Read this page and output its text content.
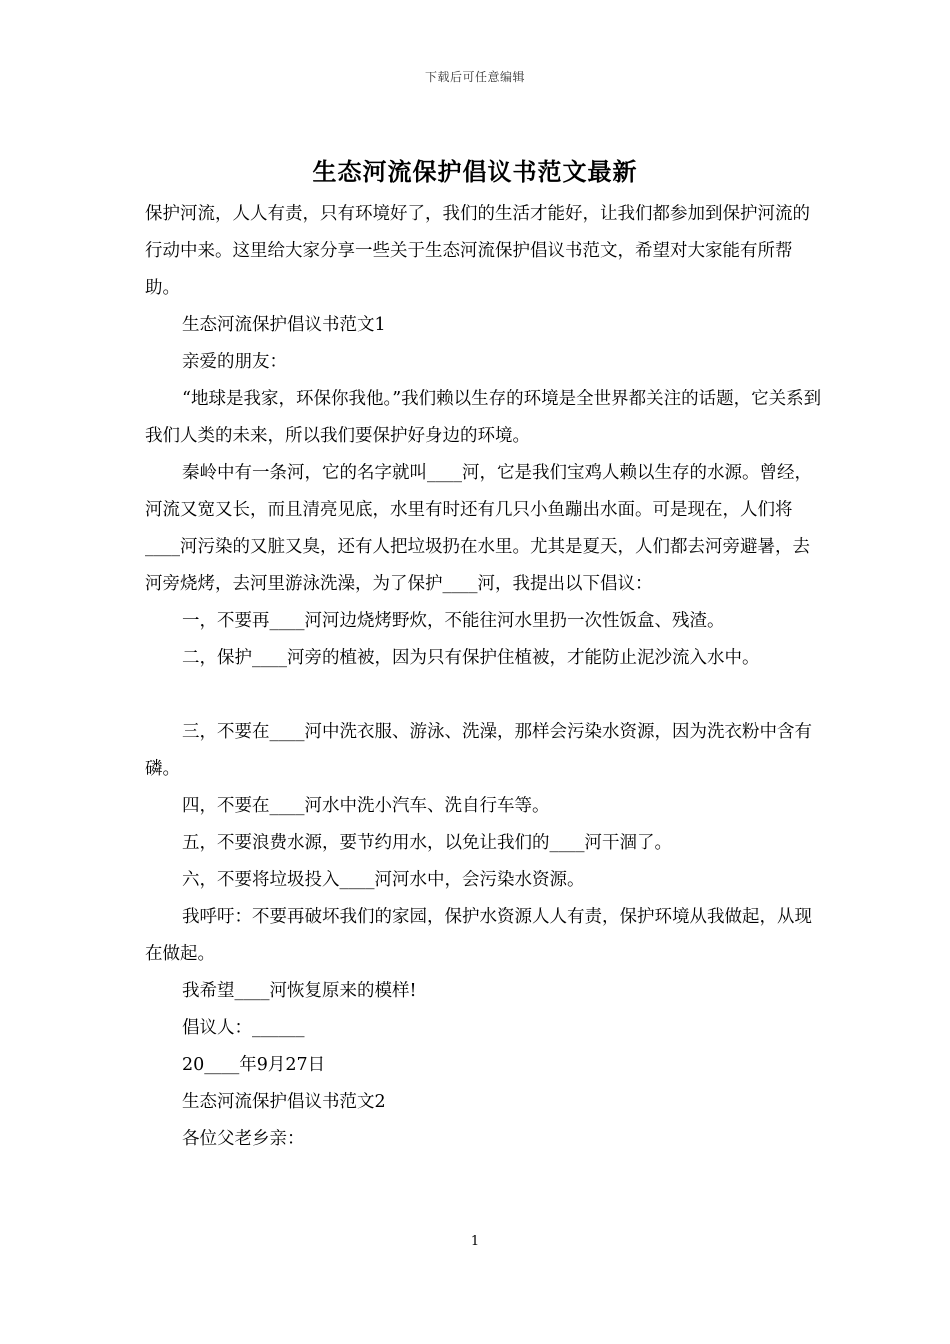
下载后可任意编辑
生态河流保护倡议书范文最新

保护河流，人人有责，只有环境好了，我们的生活才能好，让我们都参加到保护河流的行动中来。这里给大家分享一些关于生态河流保护倡议书范文，希望对大家能有所帮助。

生态河流保护倡议书范文1

亲爱的朋友：

“地球是我家，环保你我他。”我们赖以生存的环境是全世界都关注的话题，它关系到我们人类的未来，所以我们要保护好身边的环境。

秦岭中有一条河，它的名字就叫____河，它是我们宝鸡人赖以生存的水源。曾经，河流又宽又长，而且清亮见底，水里有时还有几只小鱼蹦出水面。可是现在，人们将____河污染的又脏又臭，还有人把垃圾扔在水里。尤其是夏天，人们都去河旁避暑，去河旁烧烤，去河里游泳洗澡，为了保护____河，我提出以下倡议：

一，不要再____河河边烧烤野炊，不能往河水里扔一次性饭盒、残渣。

二，保护____河旁的植被，因为只有保护住植被，才能防止泥沙流入水中。

三，不要在____河中洗衣服、游泳、洗澡，那样会污染水资源，因为洗衣粉中含有磷。

四，不要在____河水中洗小汽车、洗自行车等。

五，不要浪费水源，要节约用水，以免让我们的____河干涸了。

六，不要将垃圾投入____河河水中，会污染水资源。

我呼吁：不要再破坏我们的家园，保护水资源人人有责，保护环境从我做起，从现在做起。

我希望____河恢复原来的模样!

倡议人：______

20____年9月27日

生态河流保护倡议书范文2

各位父老乡亲：

1
